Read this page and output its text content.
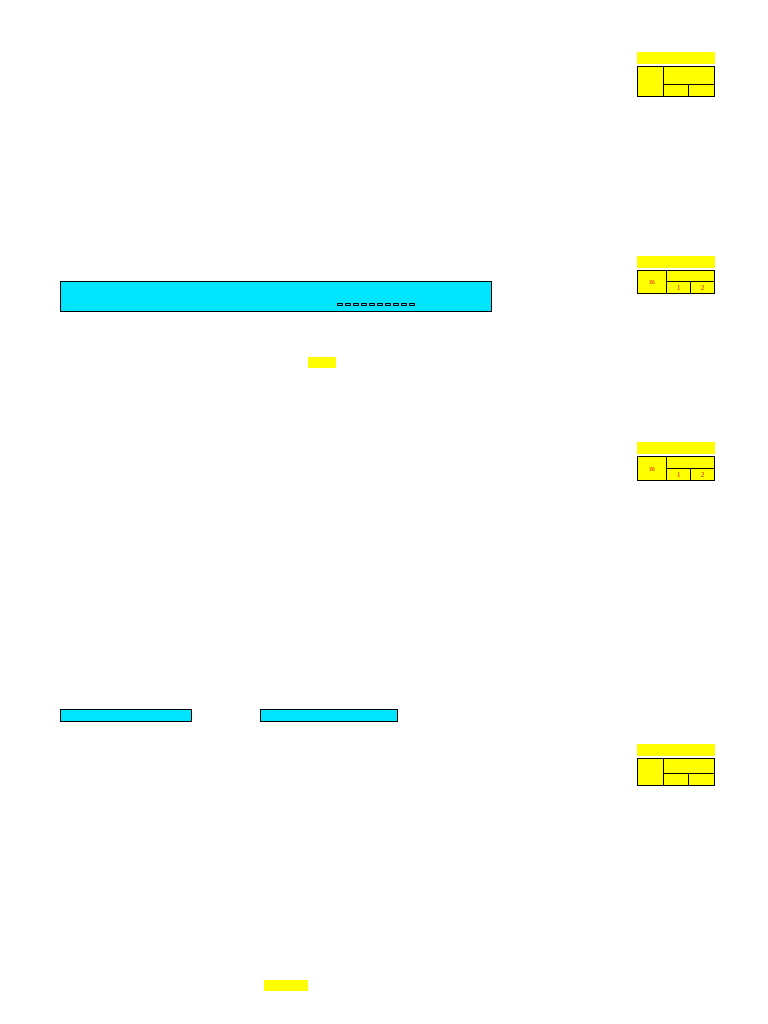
m		
	1	2
m		
	1	2
